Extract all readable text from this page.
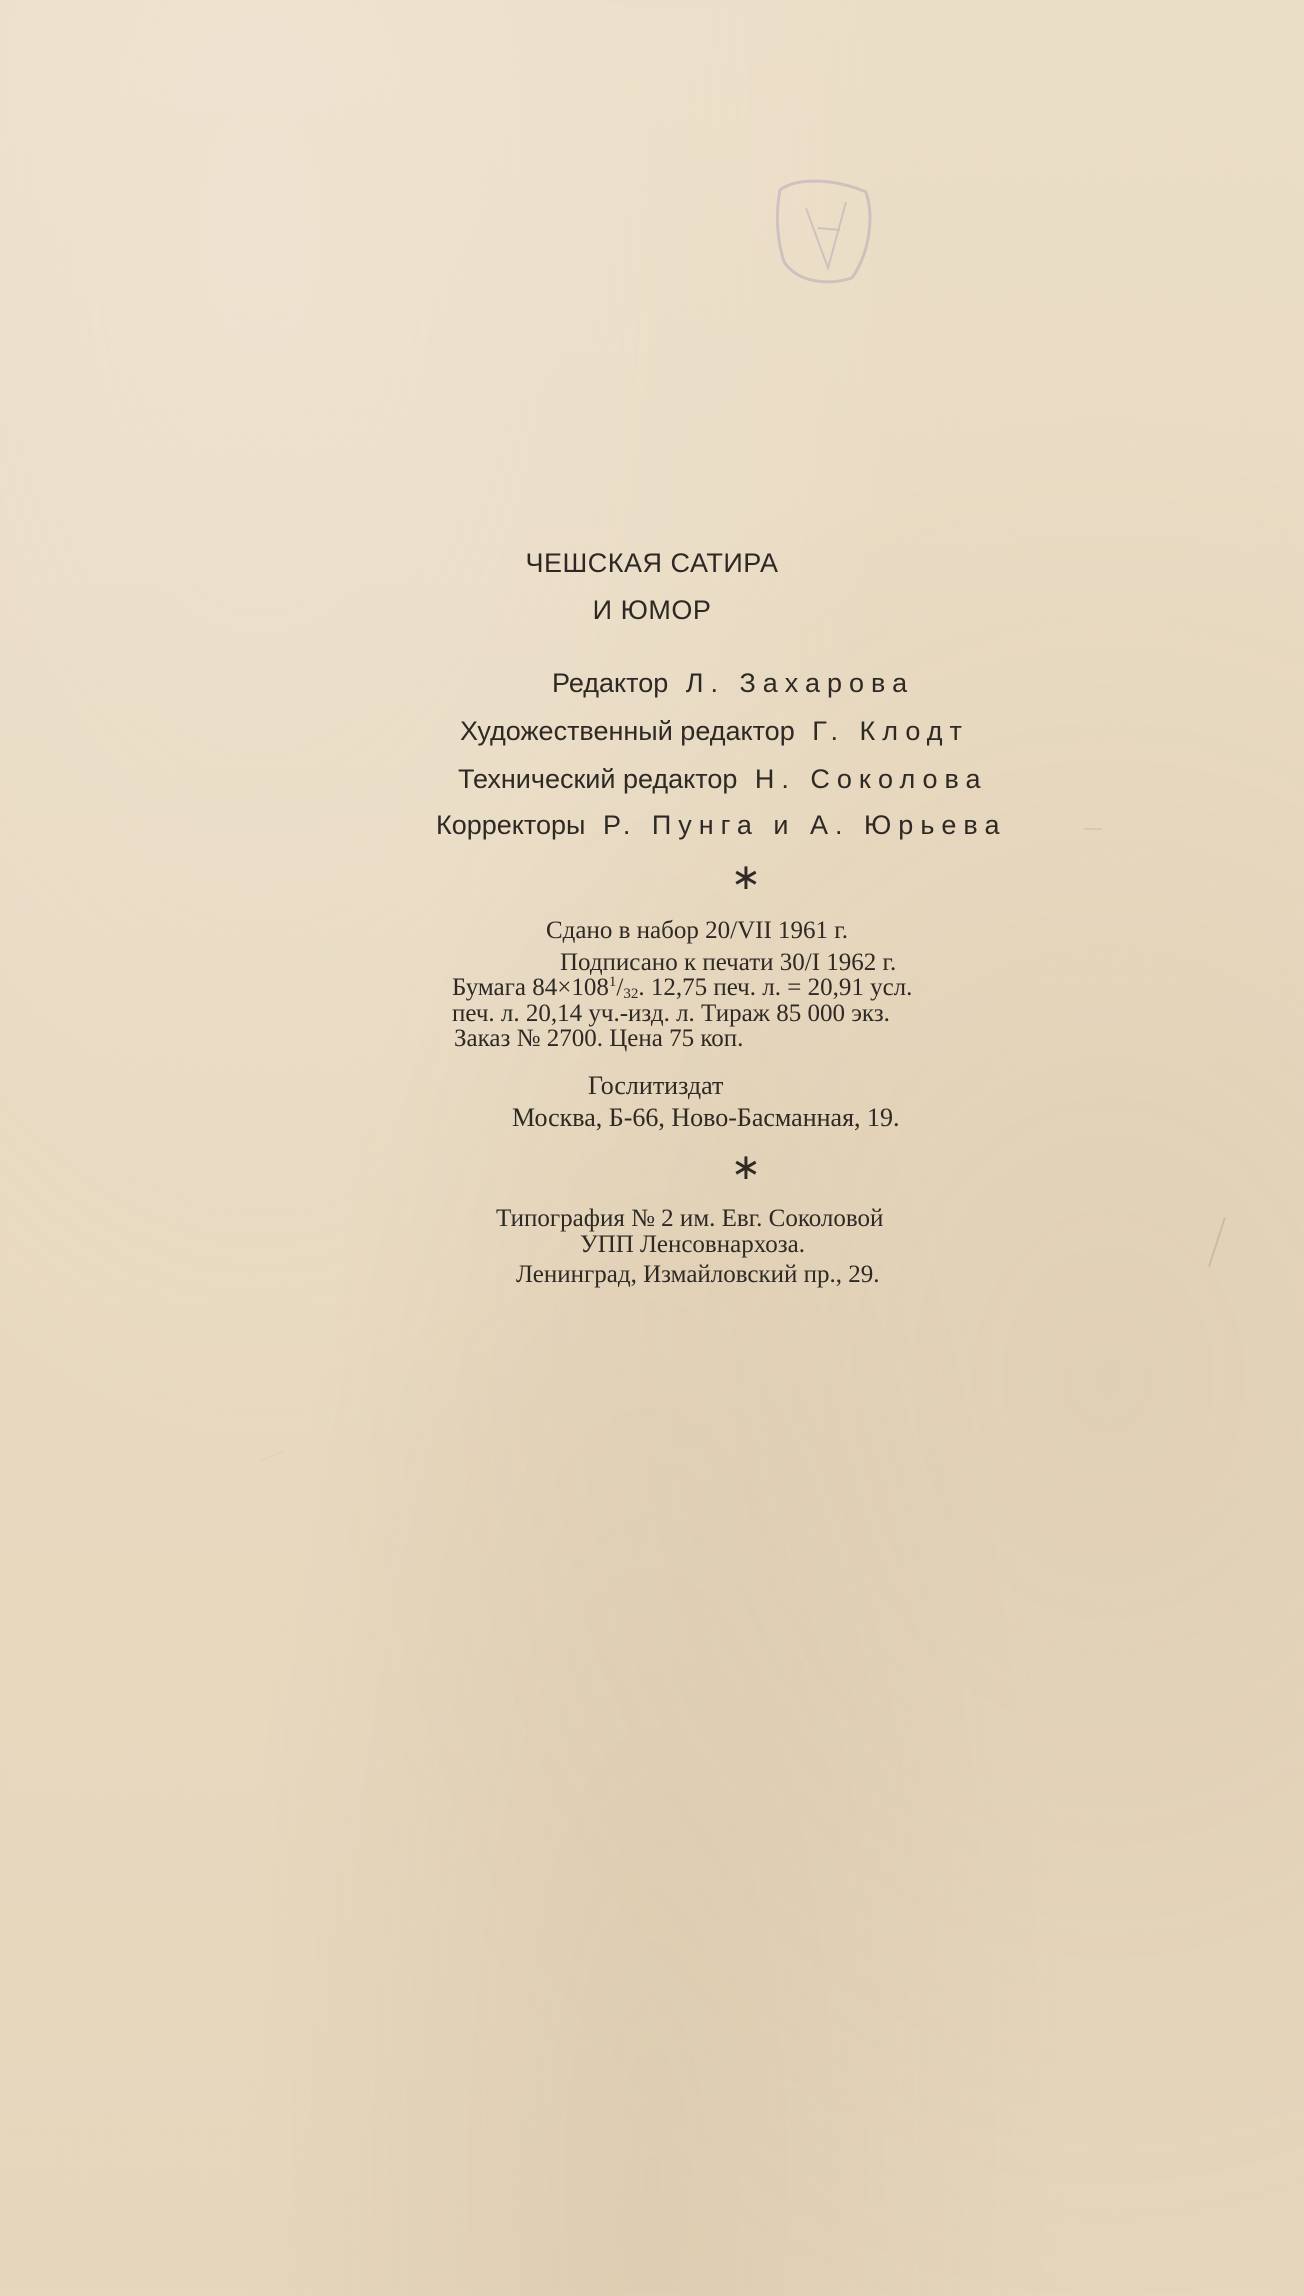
ЧЕШСКАЯ САТИРА
И ЮМОР
Редактор Л. Захарова
Художественный редактор Г. Клодт
Технический редактор Н. Соколова
Корректоры Р. Пунга и А. Юрьева
∗
Сдано в набор 20/VII 1961 г.
Подписано к печати 30/I 1962 г.
Бумага $84\times 108^1/_{32}$. 12,75 печ. л. = 20,91 усл.
печ. л. 20,14 уч.-изд. л. Тираж 85 000 экз.
Заказ № 2700. Цена 75 коп.
Гослитиздат
Москва, Б-66, Ново-Басманная, 19.
∗
Типография № 2 им. Евг. Соколовой
УПП Ленсовнархоза.
Ленинград, Измайловский пр., 29.
